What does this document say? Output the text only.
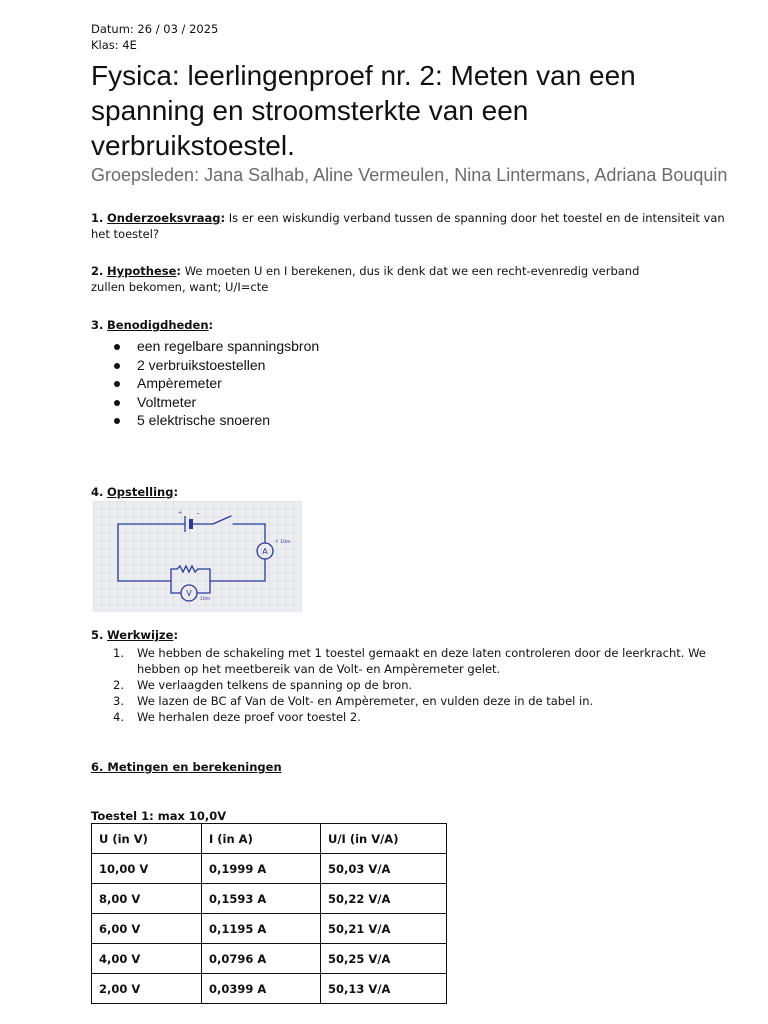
Datum: 26 / 03 / 2025
Klas: 4E
Fysica: leerlingenproef nr. 2: Meten van een spanning en stroomsterkte van een verbruikstoestel.
Groepsleden: Jana Salhab, Aline Vermeulen, Nina Lintermans, Adriana Bouquin
1. Onderzoeksvraag: Is er een wiskundig verband tussen de spanning door het toestel en de intensiteit van het toestel?
2. Hypothese: We moeten U en I berekenen, dus ik denk dat we een recht-evenredig verband
zullen bekomen, want; U/I=cte
3. Benodigdheden:
een regelbare spanningsbron
2 verbruikstoestellen
Ampèremeter
Voltmeter
5 elektrische snoeren
4. Opstelling:
5. Werkwijze:
1. We hebben de schakeling met 1 toestel gemaakt en deze laten controleren door de leerkracht. We
hebben op het meetbereik van de Volt- en Ampèremeter gelet.
2. We verlaagden telkens de spanning op de bron.
3. We lazen de BC af Van de Volt- en Ampèremeter, en vulden deze in de tabel in.
4. We herhalen deze proef voor toestel 2.
6. Metingen en berekeningen
Toestel 1: max 10,0V
U (in V)	I (in A)	U/I (in V/A)
10,00 V	0,1999 A	50,03 V/A
8,00 V	0,1593 A	50,22 V/A
6,00 V	0,1195 A	50,21 V/A
4,00 V	0,0796 A	50,25 V/A
2,00 V	0,0399 A	50,13 V/A
+	−
A
↑ 10m
V
10m
